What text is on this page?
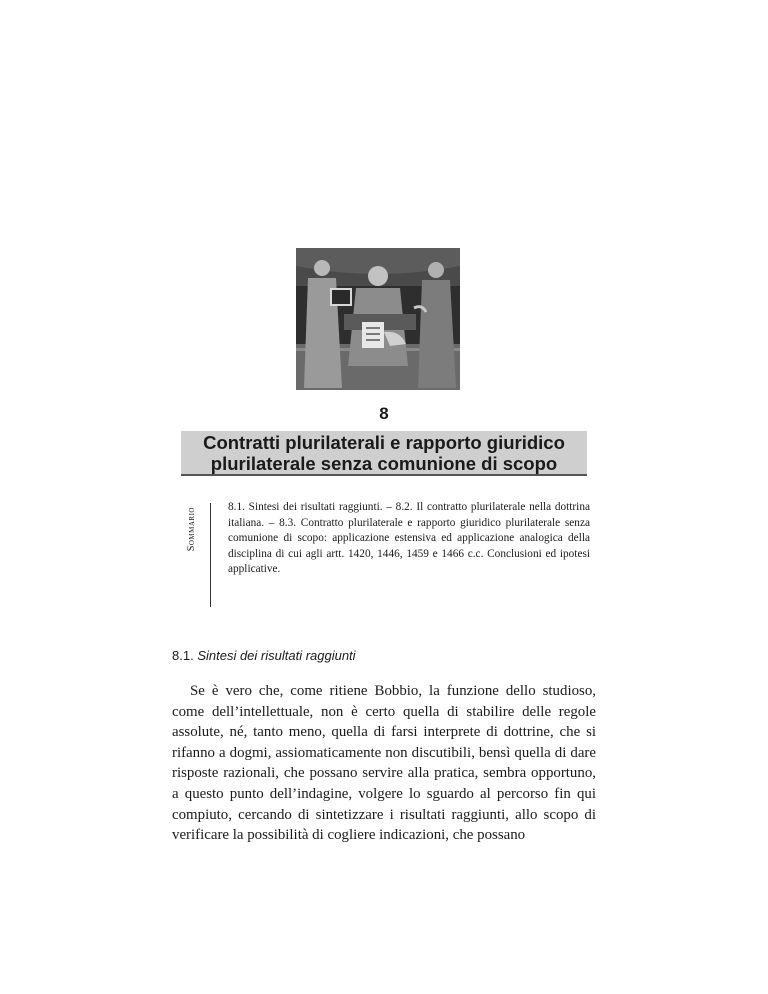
8
Contratti plurilaterali e rapporto giuridico
plurilaterale senza comunione di scopo
Sommario	8.1. Sintesi dei risultati raggiunti. – 8.2. Il contratto plurilaterale nella dottrina italiana. – 8.3. Contratto plurilaterale e rapporto giuridico plurilaterale senza comunione di scopo: applicazione estensiva ed applicazione analogica della disciplina di cui agli artt. 1420, 1446, 1459 e 1466 c.c. Conclusioni ed ipotesi applicative.
8.1. Sintesi dei risultati raggiunti

Se è vero che, come ritiene Bobbio, la funzione dello studioso, come dell’intellettuale, non è certo quella di stabilire delle regole assolute, né, tanto meno, quella di farsi interprete di dottrine, che si rifanno a dogmi, assiomaticamente non discutibili, bensì quella di dare risposte razionali, che possano servire alla pratica, sembra opportuno, a questo punto dell’indagine, volgere lo sguardo al percorso fin qui compiuto, cercando di sintetizzare i risultati raggiunti, allo scopo di verificare la possibilità di cogliere indicazioni, che possano
